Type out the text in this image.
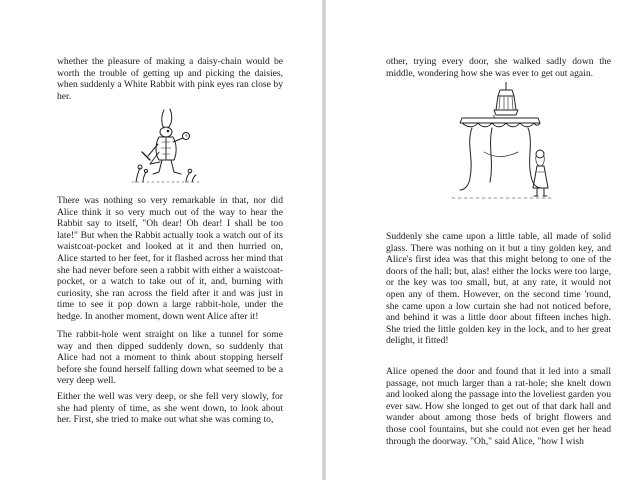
whether the pleasure of making a daisy-chain would be worth the trouble of getting up and picking the daisies, when suddenly a White Rabbit with pink eyes ran close by her.

There was nothing so very remarkable in that, nor did Alice think it so very much out of the way to hear the Rabbit say to itself, "Oh dear! Oh dear! I shall be too late!" But when the Rabbit actually took a watch out of its waistcoat-pocket and looked at it and then hurried on, Alice started to her feet, for it flashed across her mind that she had never before seen a rabbit with either a waistcoat-pocket, or a watch to take out of it, and, burning with curiosity, she ran across the field after it and was just in time to see it pop down a large rabbit-hole, under the hedge. In another moment, down went Alice after it!

The rabbit-hole went straight on like a tunnel for some way and then dipped suddenly down, so suddenly that Alice had not a moment to think about stopping herself before she found herself falling down what seemed to be a very deep well.

Either the well was very deep, or she fell very slowly, for she had plenty of time, as she went down, to look about her. First, she tried to make out what she was coming to,

other, trying every door, she walked sadly down the middle, wondering how she was ever to get out again.

Suddenly she came upon a little table, all made of solid glass. There was nothing on it but a tiny golden key, and Alice's first idea was that this might belong to one of the doors of the hall; but, alas! either the locks were too large, or the key was too small, but, at any rate, it would not open any of them. However, on the second time 'round, she came upon a low curtain she had not noticed before, and behind it was a little door about fifteen inches high. She tried the little golden key in the lock, and to her great delight, it fitted!

Alice opened the door and found that it led into a small passage, not much larger than a rat-hole; she knelt down and looked along the passage into the loveliest garden you ever saw. How she longed to get out of that dark hall and wander about among those beds of bright flowers and those cool fountains, but she could not even get her head through the doorway. "Oh," said Alice, "how I wish
